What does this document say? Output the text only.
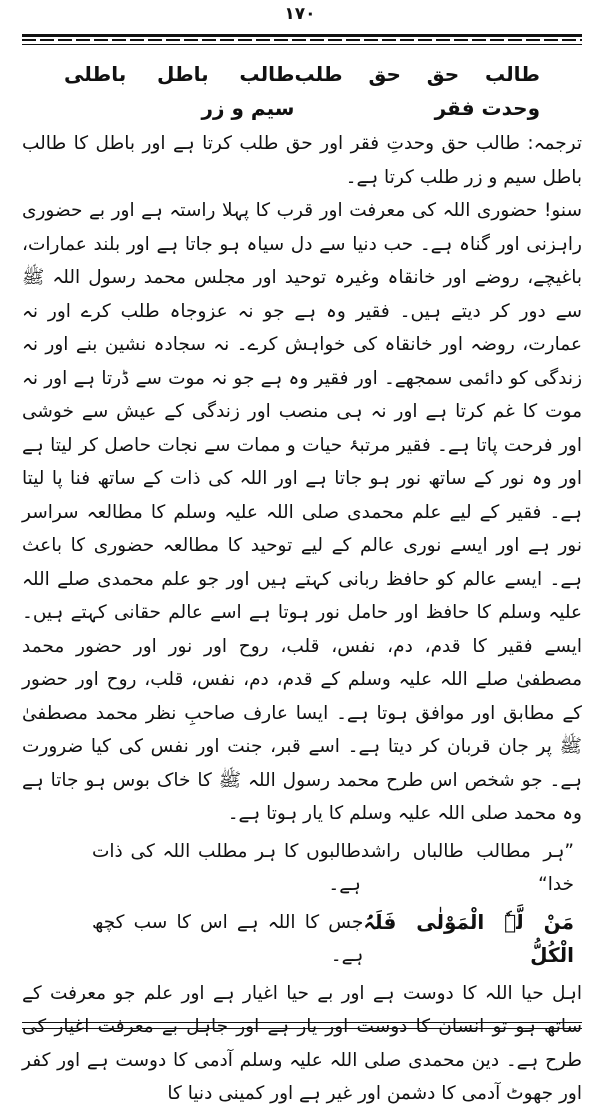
۱۷۰
طالب حق حق طلب وحدت فقر
طالب باطل باطلی سیم و زر

ترجمہ: طالب حق وحدتِ فقر اور حق طلب کرتا ہے اور باطل کا طالب باطل سیم و زر طلب کرتا ہے۔

سنو! حضوری اللہ کی معرفت اور قرب کا پہلا راستہ ہے اور بے حضوری راہزنی اور گناہ ہے۔ حب دنیا سے دل سیاہ ہو جاتا ہے اور بلند عمارات، باغیچے، روضے اور خانقاہ وغیرہ توحید اور مجلس محمد رسول اللہ ﷺ سے دور کر دیتے ہیں۔ فقیر وہ ہے جو نہ عزوجاہ طلب کرے اور نہ عمارت، روضہ اور خانقاہ کی خواہش کرے۔ نہ سجادہ نشین بنے اور نہ زندگی کو دائمی سمجھے۔ اور فقیر وہ ہے جو نہ موت سے ڈرتا ہے اور نہ موت کا غم کرتا ہے اور نہ ہی منصب اور زندگی کے عیش سے خوشی اور فرحت پاتا ہے۔ فقیر مرتبۂ حیات و ممات سے نجات حاصل کر لیتا ہے اور وہ نور کے ساتھ نور ہو جاتا ہے اور اللہ کی ذات کے ساتھ فنا پا لیتا ہے۔ فقیر کے لیے علم محمدی صلی اللہ علیہ وسلم کا مطالعہ سراسر نور ہے اور ایسے نوری عالم کے لیے توحید کا مطالعہ حضوری کا باعث ہے۔ ایسے عالم کو حافظ ربانی کہتے ہیں اور جو علم محمدی صلے اللہ علیہ وسلم کا حافظ اور حامل نور ہوتا ہے اسے عالم حقانی کہتے ہیں۔ ایسے فقیر کا قدم، دم، نفس، قلب، روح اور نور اور حضور محمد مصطفیٰ صلے اللہ علیہ وسلم کے قدم، دم، نفس، قلب، روح اور حضور کے مطابق اور موافق ہوتا ہے۔ ایسا عارف صاحبِ نظر محمد مصطفیٰ ﷺ پر جان قربان کر دیتا ہے۔ اسے قبر، جنت اور نفس کی کیا ضرورت ہے۔ جو شخص اس طرح محمد رسول اللہ ﷺ کا خاک بوس ہو جاتا ہے وہ محمد صلی اللہ علیہ وسلم کا یار ہوتا ہے۔

”ہر مطالب طالباں راشد خدا“
طالبوں کا ہر مطلب اللہ کی ذات ہے۔
مَنْ لَّہٗ الْمَوْلٰی فَلَہُ الْکُلُّ
جس کا اللہ ہے اس کا سب کچھ ہے۔

اہل حیا اللہ کا دوست ہے اور بے حیا اغیار ہے اور علم جو معرفت کے ساتھ ہو تو انسان کا دوست اور یار ہے اور جاہل بے معرفت اغیار کی طرح ہے۔ دین محمدی صلی اللہ علیہ وسلم آدمی کا دوست ہے اور کفر اور جھوٹ آدمی کا دشمن اور غیر ہے اور کمینی دنیا کا
